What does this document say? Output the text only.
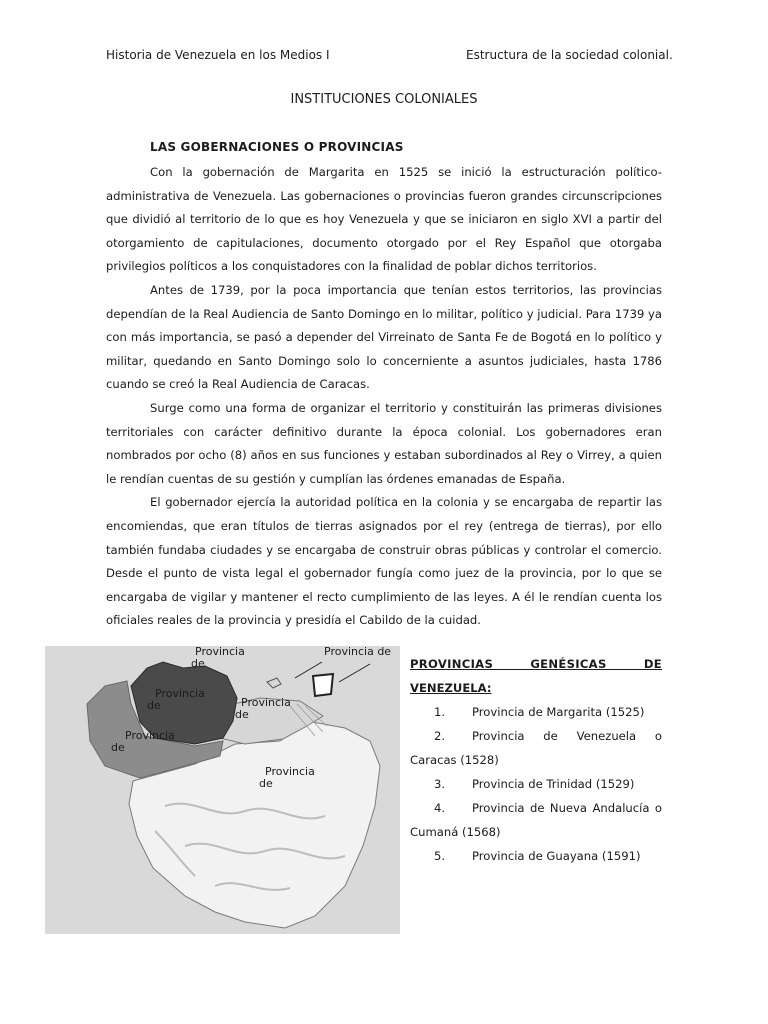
Historia de Venezuela en los Medios I	Estructura de la sociedad colonial.
INSTITUCIONES COLONIALES
LAS GOBERNACIONES O PROVINCIAS

Con la gobernación de Margarita en 1525 se inició la estructuración político-administrativa de Venezuela. Las gobernaciones o provincias fueron grandes circunscripciones que dividió al territorio de lo que es hoy Venezuela y que se iniciaron en siglo XVI a partir del otorgamiento de capitulaciones, documento otorgado por el Rey Español que otorgaba privilegios políticos a los conquistadores con la finalidad de poblar dichos territorios.

Antes de 1739, por la poca importancia que tenían estos territorios, las provincias dependían de la Real Audiencia de Santo Domingo en lo militar, político y judicial. Para 1739 ya con más importancia, se pasó a depender del Virreinato de Santa Fe de Bogotá en lo político y militar, quedando en Santo Domingo solo lo concerniente a asuntos judiciales, hasta 1786 cuando se creó la Real Audiencia de Caracas.

Surge como una forma de organizar el territorio y constituirán las primeras divisiones territoriales con carácter definitivo durante la época colonial. Los gobernadores eran nombrados por ocho (8) años en sus funciones y estaban subordinados al Rey o Virrey, a quien le rendían cuentas de su gestión y cumplían las órdenes emanadas de España.

El gobernador ejercía la autoridad política en la colonia y se encargaba de repartir las encomiendas, que eran títulos de tierras asignados por el rey (entrega de tierras), por ello también fundaba ciudades y se encargaba de construir obras públicas y controlar el comercio. Desde el punto de vista legal el gobernador fungía como juez de la provincia, por lo que se encargaba de vigilar y mantener el recto cumplimiento de las leyes. A él le rendían cuenta los oficiales reales de la provincia y presidía el Cabildo de la cuidad.

Provincia
de
Provincia de
Provincia
de	Provincia
de
Provincia
de
Provincia
de
PROVINCIAS GENÉSICAS DE
VENEZUELA:
1. Provincia de Margarita (1525)
2. Provincia de Venezuela o Caracas (1528)
3. Provincia de Trinidad (1529)
4. Provincia de Nueva Andalucía o Cumaná (1568)
5. Provincia de Guayana (1591)
